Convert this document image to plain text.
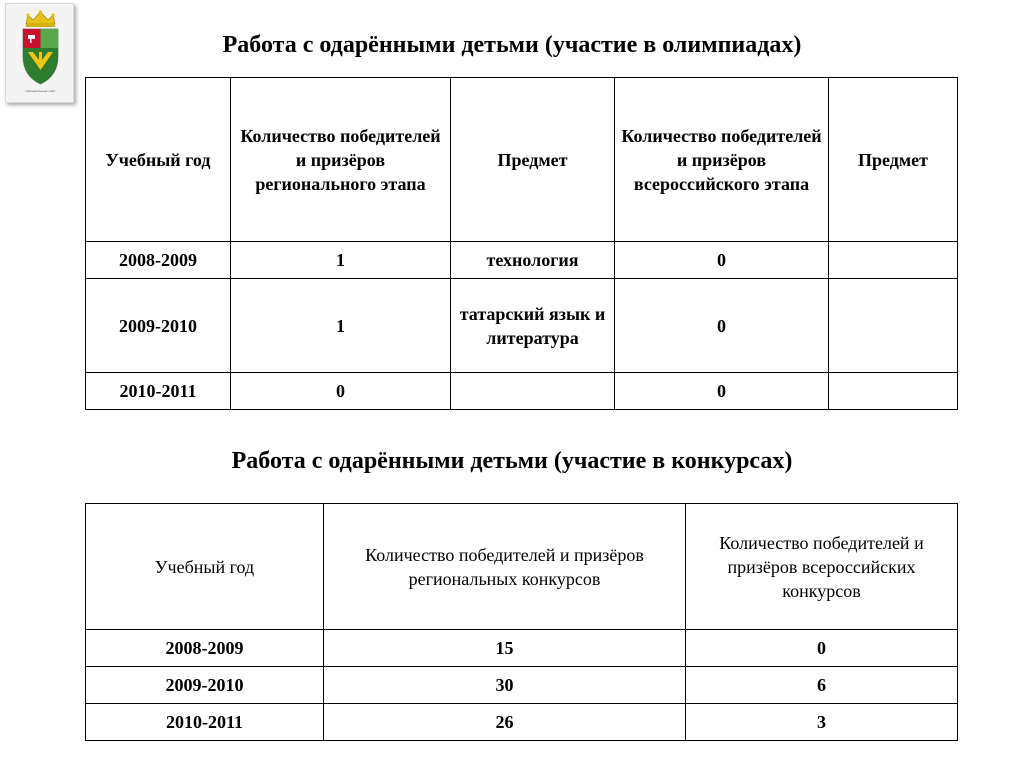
официальный сайт
Работа с одарёнными детьми (участие в олимпиадах)
Учебный год	Количество победителей и призёров регионального этапа	Предмет	Количество победителей и призёров всероссийского этапа	Предмет
2008-2009	1	технология	0	
2009-2010	1	татарский язык и литература	0	
2010-2011	0		0	
Работа с одарёнными детьми (участие в конкурсах)
Учебный год	Количество победителей и призёров региональных конкурсов	Количество победителей и призёров всероссийских конкурсов
2008-2009	15	0
2009-2010	30	6
2010-2011	26	3
